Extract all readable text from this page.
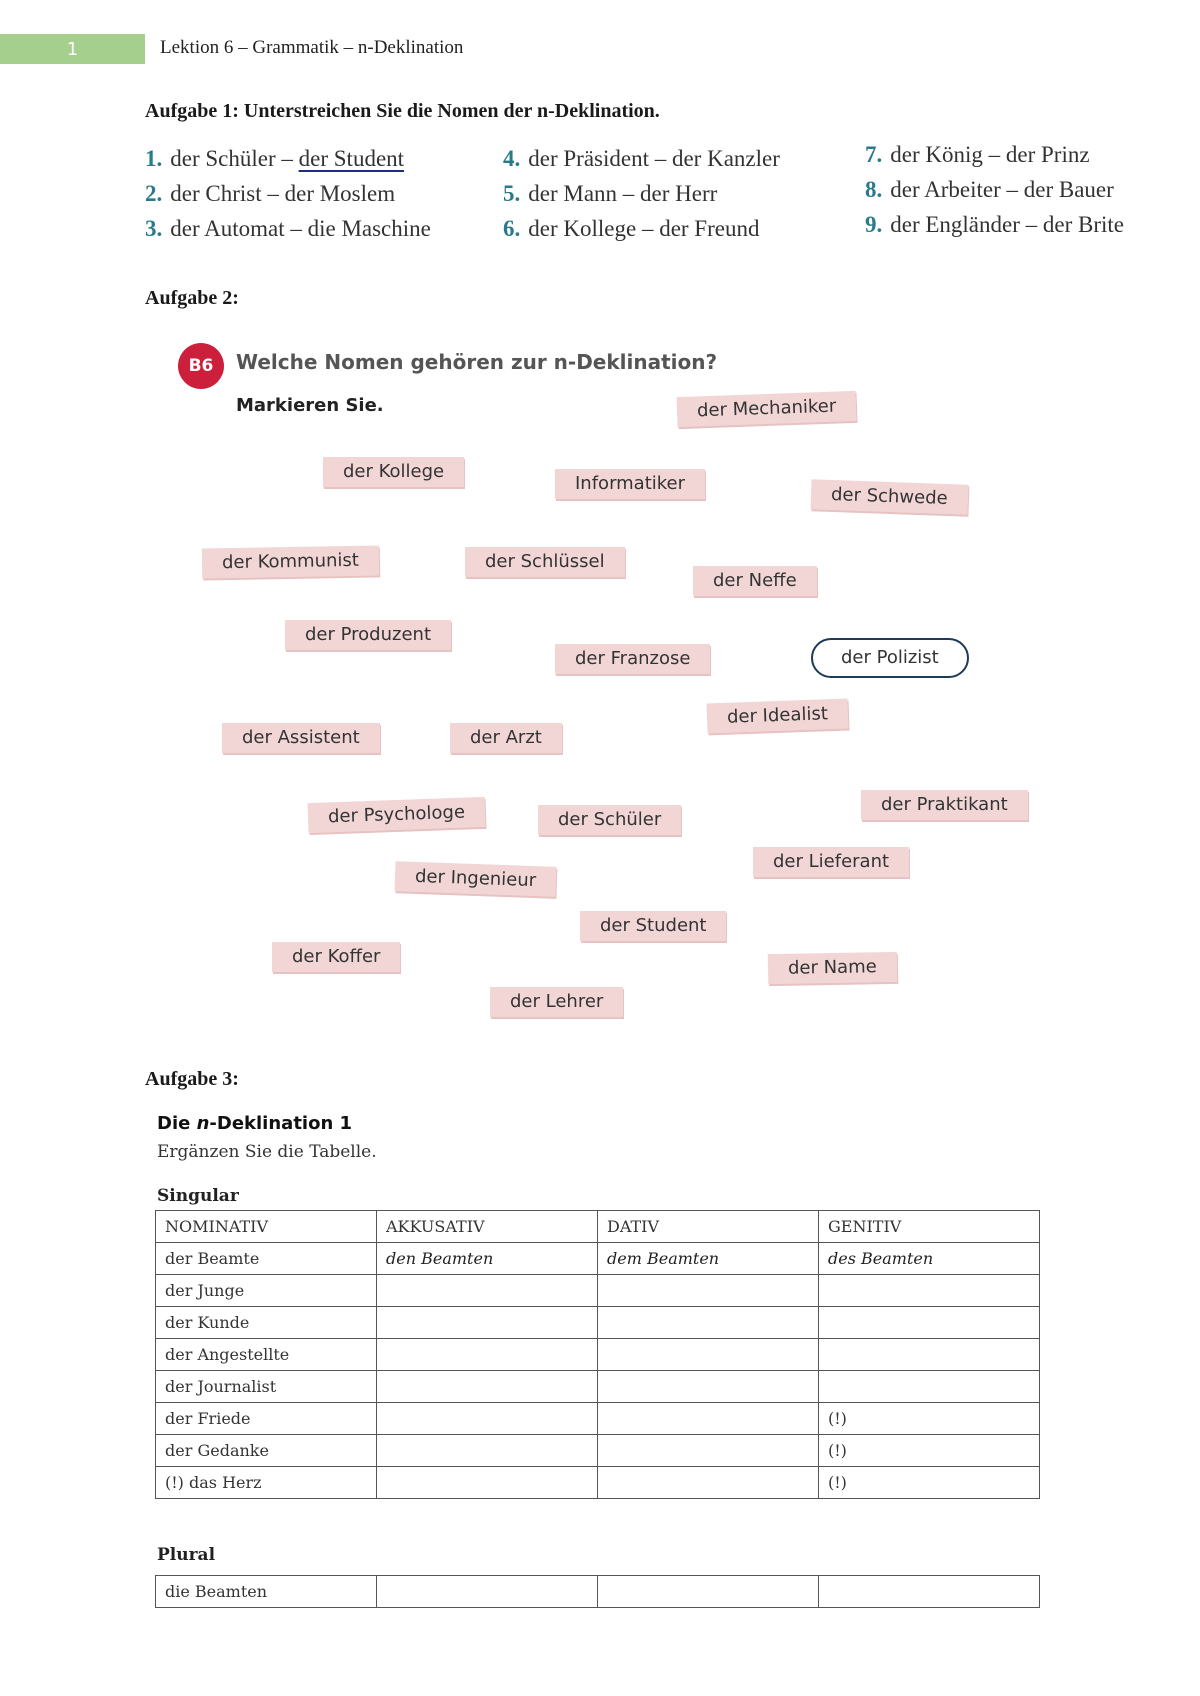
1	Lektion 6 – Grammatik – n-Deklination
Aufgabe 1: Unterstreichen Sie die Nomen der n-Deklination.
1. der Schüler – der Student
2. der Christ – der Moslem
3. der Automat – die Maschine
4. der Präsident – der Kanzler
5. der Mann – der Herr
6. der Kollege – der Freund
7. der König – der Prinz
8. der Arbeiter – der Bauer
9. der Engländer – der Brite
Aufgabe 2:
B6	Welche Nomen gehören zur n-Deklination?
Markieren Sie.	der Mechaniker
der Kollege
Informatiker
der Schwede
der Kommunist	der Schlüssel
der Neffe
der Produzent
der Franzose	der Polizist
der Assistent	der Arzt
der Idealist
der Praktikant
der Psychologe	der Schüler
der Lieferant
der Ingenieur
der Student
der Koffer	der Name
der Lehrer
Aufgabe 3:
Die n-Deklination 1
Ergänzen Sie die Tabelle.
Singular
NOMINATIV	AKKUSATIV	DATIV	GENITIV
der Beamte	den Beamten	dem Beamten	des Beamten
der Junge			
der Kunde			
der Angestellte			
der Journalist			
der Friede			(!)
der Gedanke			(!)
(!) das Herz			(!)
Plural
die Beamten			
